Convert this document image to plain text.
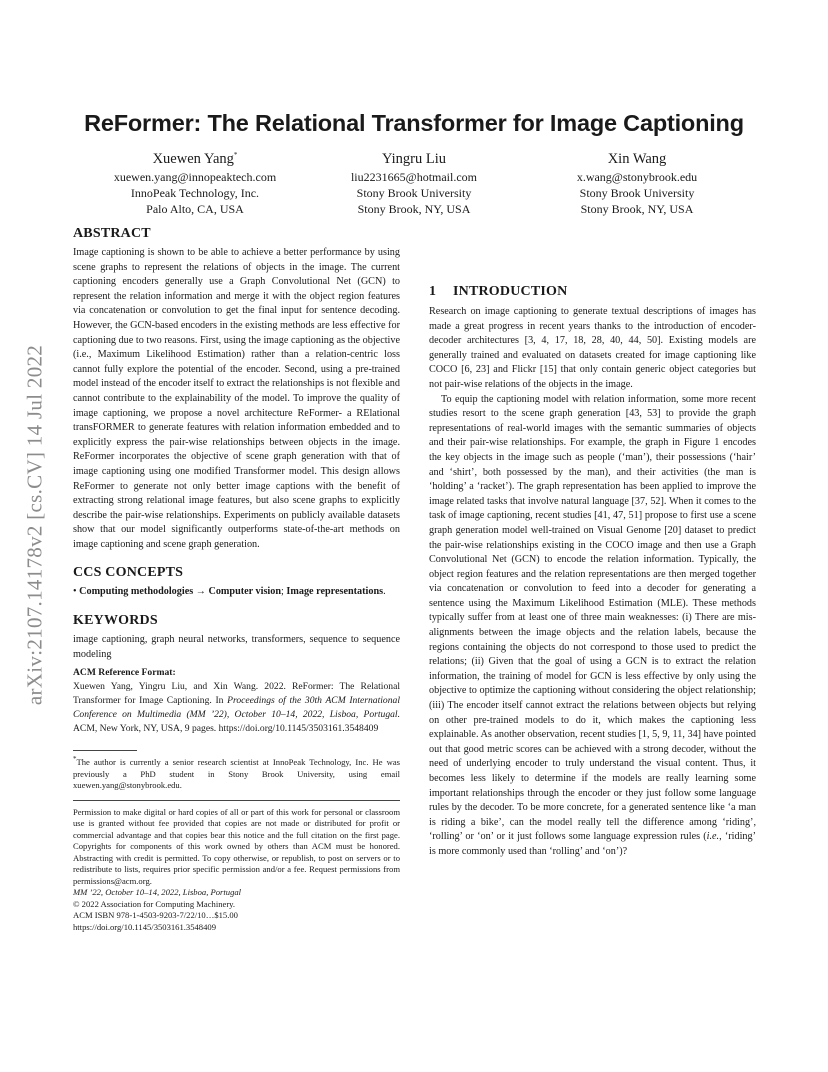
arXiv:2107.14178v2 [cs.CV] 14 Jul 2022
ReFormer: The Relational Transformer for Image Captioning
Xuewen Yang*
xuewen.yang@innopeaktech.com
InnoPeak Technology, Inc.
Palo Alto, CA, USA
Yingru Liu
liu2231665@hotmail.com
Stony Brook University
Stony Brook, NY, USA
Xin Wang
x.wang@stonybrook.edu
Stony Brook University
Stony Brook, NY, USA
ABSTRACT

Image captioning is shown to be able to achieve a better performance by using scene graphs to represent the relations of objects in the image. The current captioning encoders generally use a Graph Convolutional Net (GCN) to represent the relation information and merge it with the object region features via concatenation or convolution to get the final input for sentence decoding. However, the GCN-based encoders in the existing methods are less effective for captioning due to two reasons. First, using the image captioning as the objective (i.e., Maximum Likelihood Estimation) rather than a relation-centric loss cannot fully explore the potential of the encoder. Second, using a pre-trained model instead of the encoder itself to extract the relationships is not flexible and cannot contribute to the explainability of the model. To improve the quality of image captioning, we propose a novel architecture ReFormer- a RElational transFORMER to generate features with relation information embedded and to explicitly express the pair-wise relationships between objects in the image. ReFormer incorporates the objective of scene graph generation with that of image captioning using one modified Transformer model. This design allows ReFormer to generate not only better image captions with the benefit of extracting strong relational image features, but also scene graphs to explicitly describe the pair-wise relationships. Experiments on publicly available datasets show that our model significantly outperforms state-of-the-art methods on image captioning and scene graph generation.

CCS CONCEPTS

• Computing methodologies → Computer vision; Image representations.

KEYWORDS

image captioning, graph neural networks, transformers, sequence to sequence modeling

ACM Reference Format:

Xuewen Yang, Yingru Liu, and Xin Wang. 2022. ReFormer: The Relational Transformer for Image Captioning. In Proceedings of the 30th ACM International Conference on Multimedia (MM ’22), October 10–14, 2022, Lisboa, Portugal. ACM, New York, NY, USA, 9 pages. https://doi.org/10.1145/3503161.3548409

*The author is currently a senior research scientist at InnoPeak Technology, Inc. He was previously a PhD student in Stony Brook University, using email xuewen.yang@stonybrook.edu.

Permission to make digital or hard copies of all or part of this work for personal or classroom use is granted without fee provided that copies are not made or distributed for profit or commercial advantage and that copies bear this notice and the full citation on the first page. Copyrights for components of this work owned by others than ACM must be honored. Abstracting with credit is permitted. To copy otherwise, or republish, to post on servers or to redistribute to lists, requires prior specific permission and/or a fee. Request permissions from permissions@acm.org.

MM ’22, October 10–14, 2022, Lisboa, Portugal
© 2022 Association for Computing Machinery.
ACM ISBN 978-1-4503-9203-7/22/10…$15.00
https://doi.org/10.1145/3503161.3548409
1 INTRODUCTION

Research on image captioning to generate textual descriptions of images has made a great progress in recent years thanks to the introduction of encoder-decoder architectures [3, 4, 17, 18, 28, 40, 44, 50]. Existing models are generally trained and evaluated on datasets created for image captioning like COCO [6, 23] and Flickr [15] that only contain generic object categories but not pair-wise relations of the objects in the image.

To equip the captioning model with relation information, some more recent studies resort to the scene graph generation [43, 53] to provide the graph representations of real-world images with the semantic summaries of objects and their pair-wise relationships. For example, the graph in Figure 1 encodes the key objects in the image such as people (‘man’), their possessions (‘hair’ and ‘shirt’, both possessed by the man), and their activities (the man is ‘holding’ a ‘racket’). The graph representation has been applied to improve the image related tasks that involve natural language [37, 52]. When it comes to the task of image captioning, recent studies [41, 47, 51] propose to first use a scene graph generation model well-trained on Visual Genome [20] dataset to predict the pair-wise relationships existing in the COCO image and then use a Graph Convolutional Net (GCN) to encode the relation information. Typically, the object region features and the relation representations are then merged together via concatenation or convolution to feed into a decoder for generating a sentence using the Maximum Likelihood Estimation (MLE). These methods typically suffer from at least one of three main weaknesses: (i) There are mis-alignments between the image objects and the relation labels, because the regions containing the objects do not correspond to those used to predict the relations; (ii) Given that the goal of using a GCN is to extract the relation information, the training of model for GCN is less effective by only using the objective to optimize the captioning without considering the object relationship; (iii) The encoder itself cannot extract the relations between objects but relying on other pre-trained models to do it, which makes the captioning less explainable. As another observation, recent studies [1, 5, 9, 11, 34] have pointed out that good metric scores can be achieved with a strong decoder, without the need of underlying encoder to truly understand the visual content. Thus, it becomes less likely to determine if the models are really learning some important relationships through the encoder or they just follow some language rules by the decoder. To be more concrete, for a generated sentence like ‘a man is riding a bike’, can the model really tell the difference among ‘riding’, ‘rolling’ or ‘on’ or it just follows some language expression rules (i.e., ‘riding’ is more commonly used than ‘rolling’ and ‘on’)?
